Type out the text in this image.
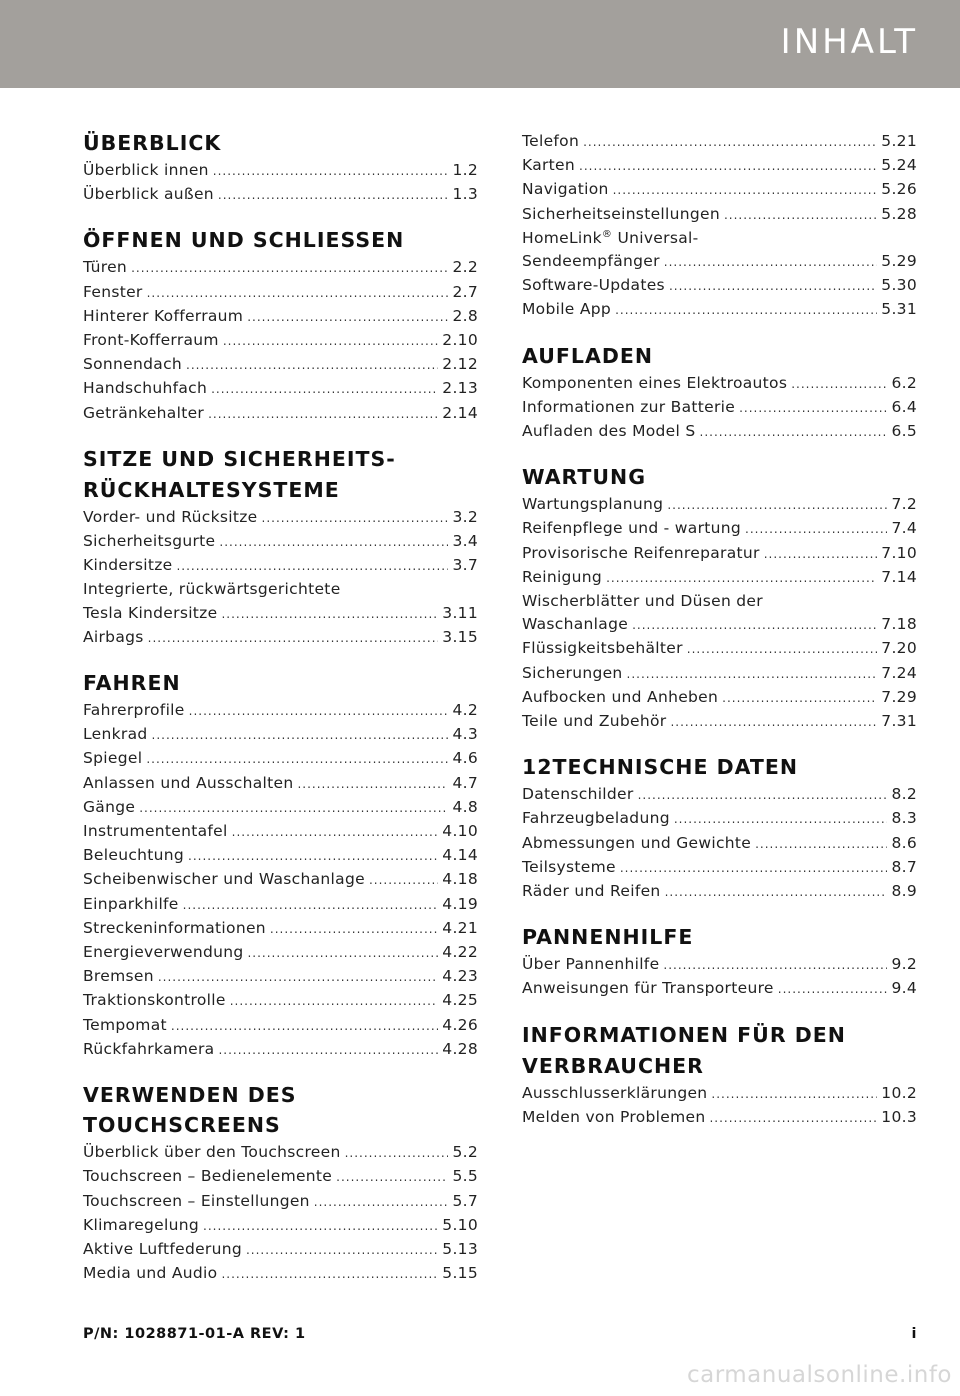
INHALT
ÜBERBLICK
Überblick innen .....	1.2
Überblick außen .....	1.3
ÖFFNEN UND SCHLIESSEN
Türen .....	2.2
Fenster .....	2.7
Hinterer Kofferraum .....	2.8
Front-Kofferraum .....	2.10
Sonnendach .....	2.12
Handschuhfach .....	2.13
Getränkehalter .....	2.14
SITZE UND SICHERHEITS-
RÜCKHALTESYSTEME
Vorder- und Rücksitze .....	3.2
Sicherheitsgurte .....	3.4
Kindersitze .....	3.7
Integrierte, rückwärtsgerichtete
Tesla Kindersitze .....	3.11
Airbags .....	3.15
FAHREN
Fahrerprofile .....	4.2
Lenkrad .....	4.3
Spiegel .....	4.6
Anlassen und Ausschalten .....	4.7
Gänge .....	4.8
Instrumententafel .....	4.10
Beleuchtung .....	4.14
Scheibenwischer und Waschanlage .....	4.18
Einparkhilfe .....	4.19
Streckeninformationen .....	4.21
Energieverwendung .....	4.22
Bremsen .....	4.23
Traktionskontrolle .....	4.25
Tempomat .....	4.26
Rückfahrkamera .....	4.28
VERWENDEN DES TOUCHSCREENS
Überblick über den Touchscreen .....	5.2
Touchscreen – Bedienelemente .....	5.5
Touchscreen – Einstellungen .....	5.7
Klimaregelung .....	5.10
Aktive Luftfederung .....	5.13
Media und Audio .....	5.15
Telefon .....	5.21
Karten .....	5.24
Navigation .....	5.26
Sicherheitseinstellungen .....	5.28
HomeLink® Universal-
Sendeempfänger .....	5.29
Software-Updates .....	5.30
Mobile App .....	5.31
AUFLADEN
Komponenten eines Elektroautos .....	6.2
Informationen zur Batterie .....	6.4
Aufladen des Model S .....	6.5
WARTUNG
Wartungsplanung .....	7.2
Reifenpflege und - wartung .....	7.4
Provisorische Reifenreparatur .....	7.10
Reinigung .....	7.14
Wischerblätter und Düsen der
Waschanlage .....	7.18
Flüssigkeitsbehälter .....	7.20
Sicherungen .....	7.24
Aufbocken und Anheben .....	7.29
Teile und Zubehör .....	7.31
12TECHNISCHE DATEN
Datenschilder .....	8.2
Fahrzeugbeladung .....	8.3
Abmessungen und Gewichte .....	8.6
Teilsysteme .....	8.7
Räder und Reifen .....	8.9
PANNENHILFE
Über Pannenhilfe .....	9.2
Anweisungen für Transporteure .....	9.4
INFORMATIONEN FÜR DEN
VERBRAUCHER
Ausschlusserklärungen .....	10.2
Melden von Problemen .....	10.3
P/N: 1028871-01-A REV: 1	i
carmanualsonline.info
